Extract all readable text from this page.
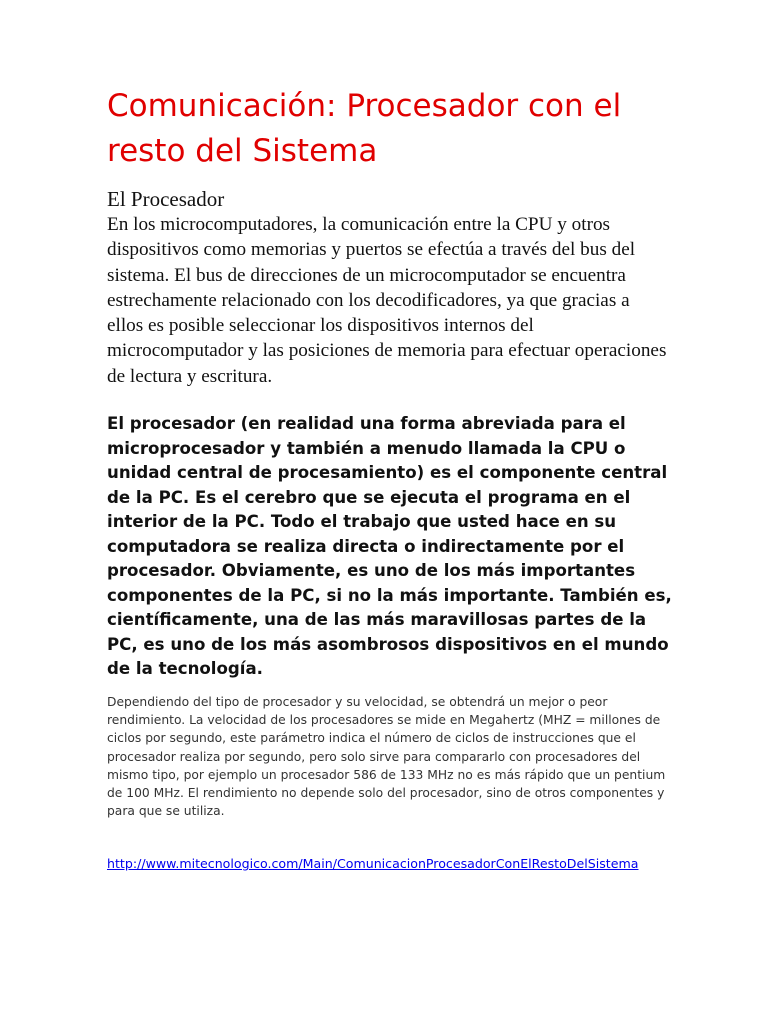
Comunicación: Procesador con el resto del Sistema
El Procesador

En los microcomputadores, la comunicación entre la CPU y otros dispositivos como memorias y puertos se efectúa a través del bus del sistema. El bus de direcciones de un microcomputador se encuentra estrechamente relacionado con los decodificadores, ya que gracias a ellos es posible seleccionar los dispositivos internos del microcomputador y las posiciones de memoria para efectuar operaciones de lectura y escritura.

El procesador (en realidad una forma abreviada para el microprocesador y también a menudo llamada la CPU o unidad central de procesamiento) es el componente central de la PC. Es el cerebro que se ejecuta el programa en el interior de la PC. Todo el trabajo que usted hace en su computadora se realiza directa o indirectamente por el procesador. Obviamente, es uno de los más importantes componentes de la PC, si no la más importante. También es, científicamente, una de las más maravillosas partes de la PC, es uno de los más asombrosos dispositivos en el mundo de la tecnología.

Dependiendo del tipo de procesador y su velocidad, se obtendrá un mejor o peor rendimiento. La velocidad de los procesadores se mide en Megahertz (MHZ = millones de ciclos por segundo, este parámetro indica el número de ciclos de instrucciones que el procesador realiza por segundo, pero solo sirve para compararlo con procesadores del mismo tipo, por ejemplo un procesador 586 de 133 MHz no es más rápido que un pentium de 100 MHz. El rendimiento no depende solo del procesador, sino de otros componentes y para que se utiliza.

http://www.mitecnologico.com/Main/ComunicacionProcesadorConElRestoDelSistema
